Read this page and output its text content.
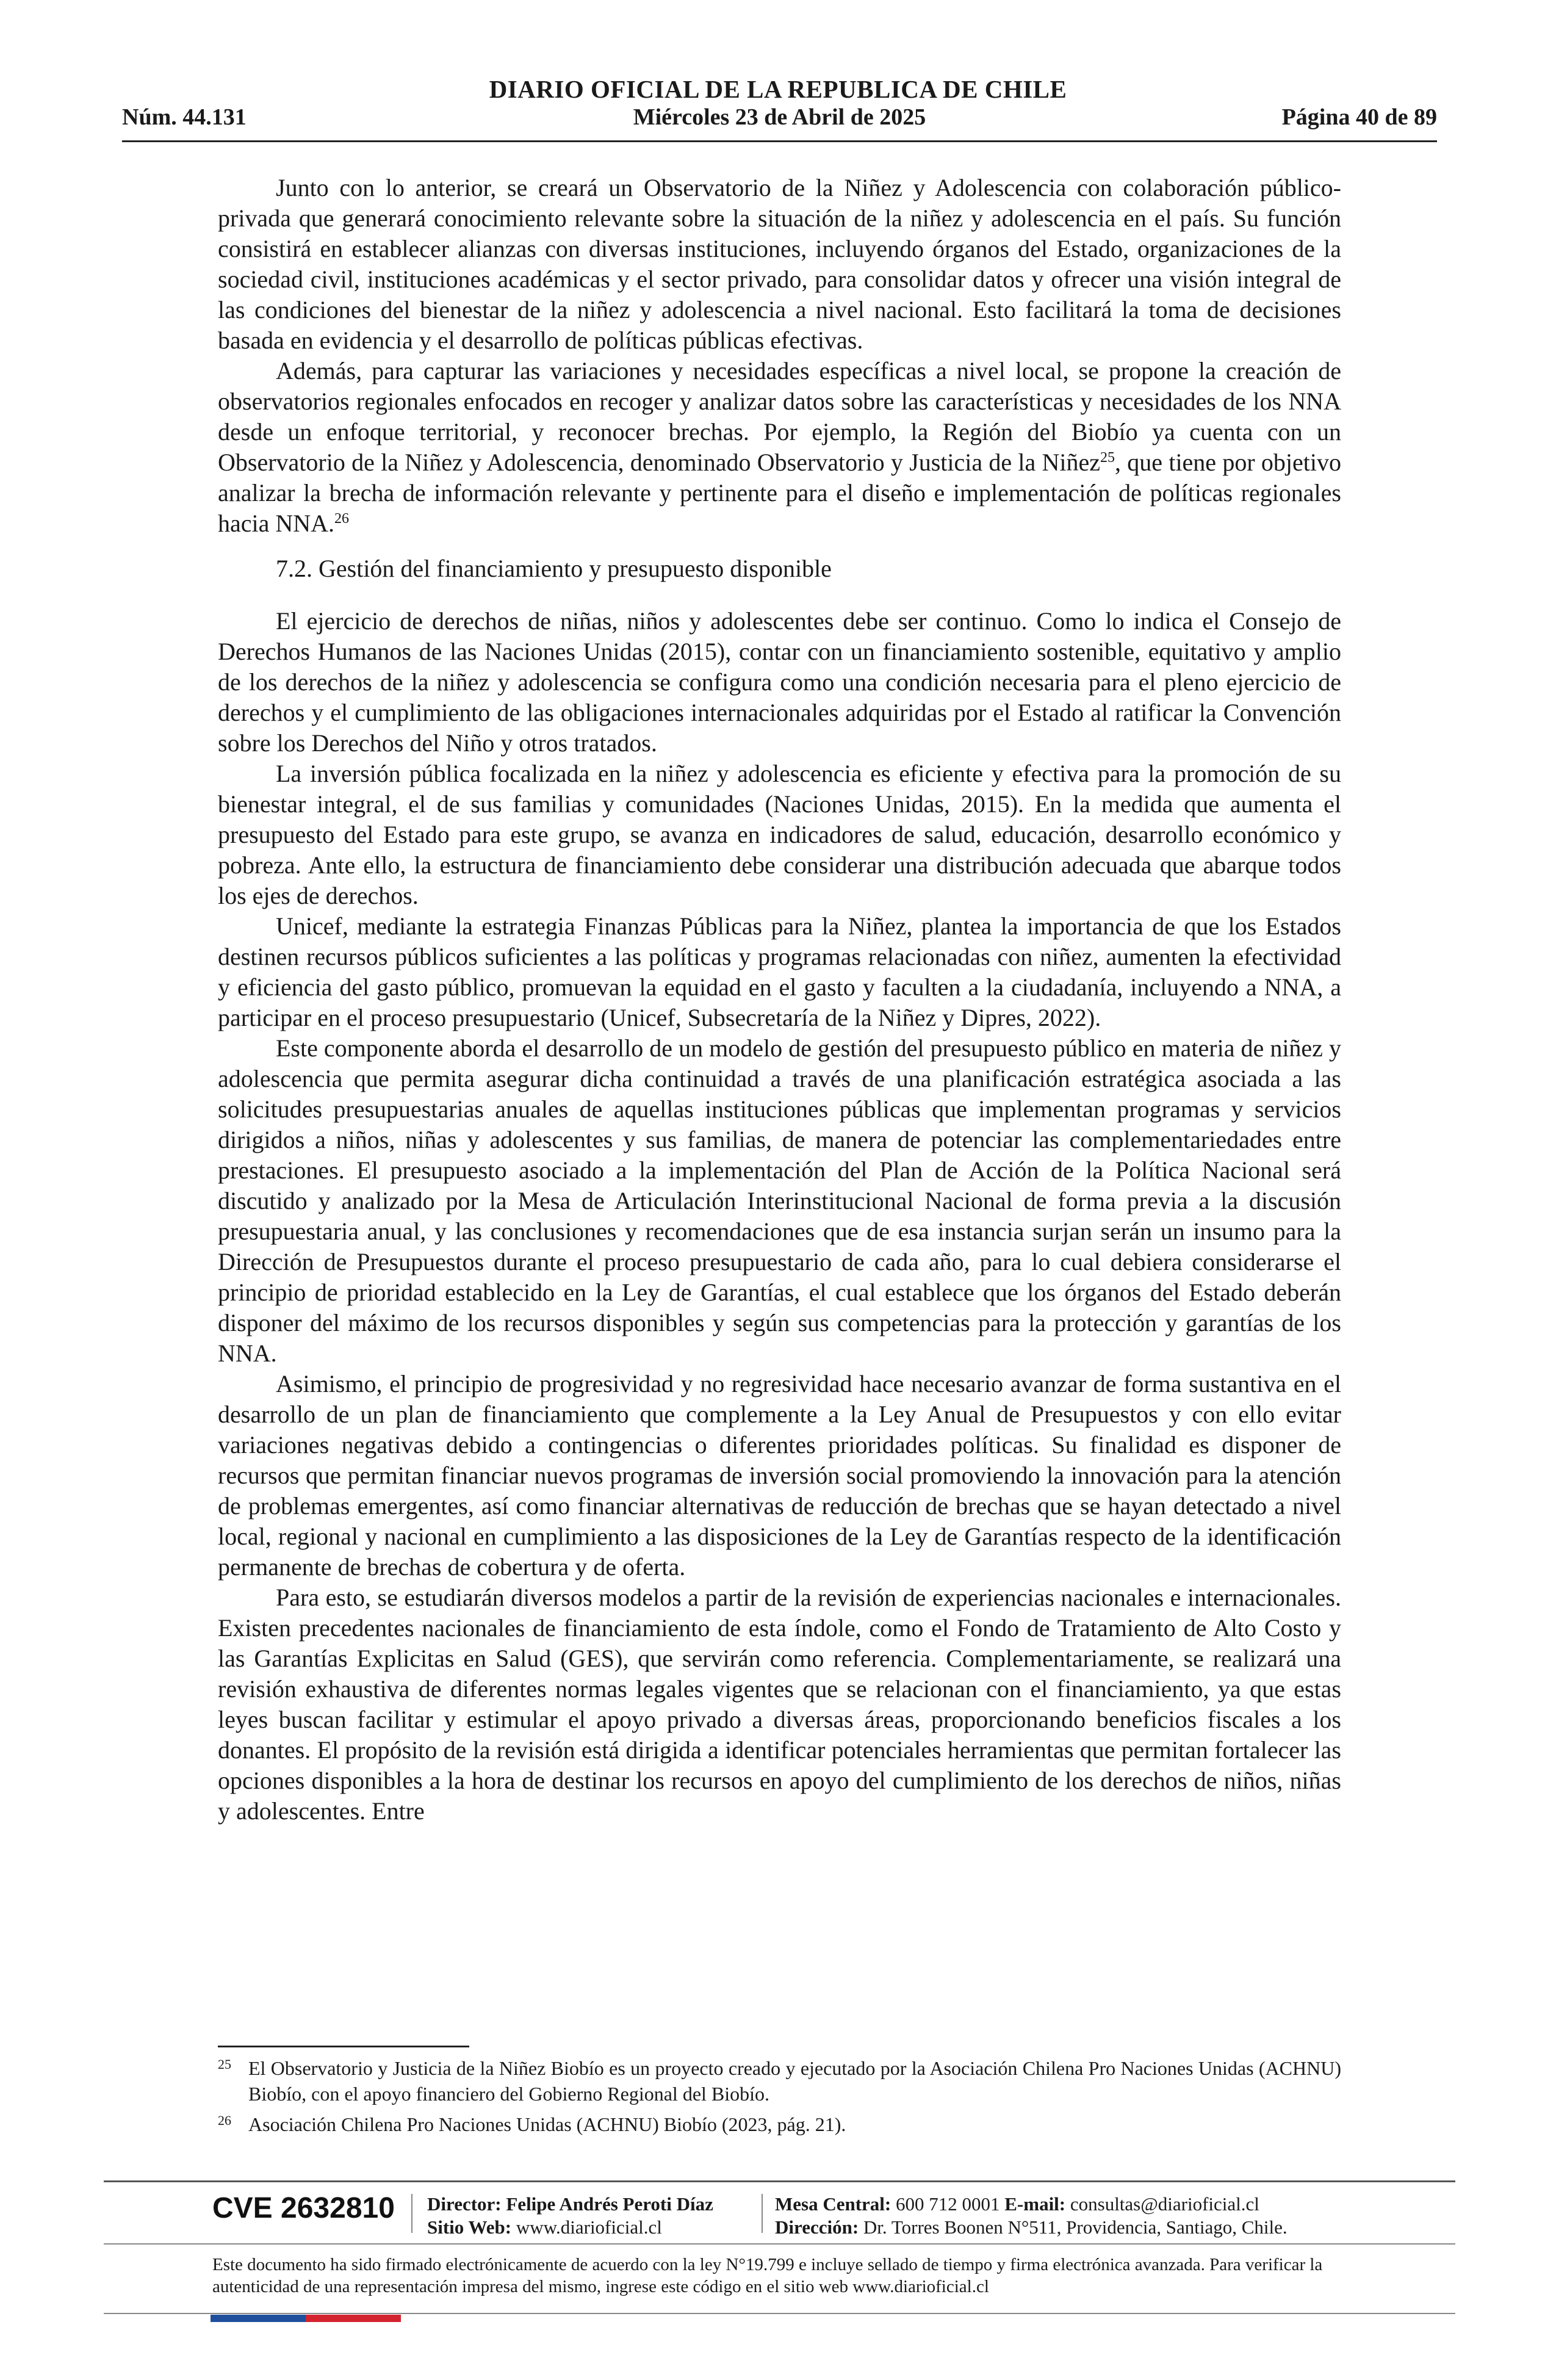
DIARIO OFICIAL DE LA REPUBLICA DE CHILE
Núm. 44.131	Miércoles 23 de Abril de 2025	Página 40 de 89

Junto con lo anterior, se creará un Observatorio de la Niñez y Adolescencia con colaboración público-privada que generará conocimiento relevante sobre la situación de la niñez y adolescencia en el país. Su función consistirá en establecer alianzas con diversas instituciones, incluyendo órganos del Estado, organizaciones de la sociedad civil, instituciones académicas y el sector privado, para consolidar datos y ofrecer una visión integral de las condiciones del bienestar de la niñez y adolescencia a nivel nacional. Esto facilitará la toma de decisiones basada en evidencia y el desarrollo de políticas públicas efectivas.

Además, para capturar las variaciones y necesidades específicas a nivel local, se propone la creación de observatorios regionales enfocados en recoger y analizar datos sobre las características y necesidades de los NNA desde un enfoque territorial, y reconocer brechas. Por ejemplo, la Región del Biobío ya cuenta con un Observatorio de la Niñez y Adolescencia, denominado Observatorio y Justicia de la Niñez$^{25}$, que tiene por objetivo analizar la brecha de información relevante y pertinente para el diseño e implementación de políticas regionales hacia NNA.$^{26}$

7.2. Gestión del financiamiento y presupuesto disponible

El ejercicio de derechos de niñas, niños y adolescentes debe ser continuo. Como lo indica el Consejo de Derechos Humanos de las Naciones Unidas (2015), contar con un financiamiento sostenible, equitativo y amplio de los derechos de la niñez y adolescencia se configura como una condición necesaria para el pleno ejercicio de derechos y el cumplimiento de las obligaciones internacionales adquiridas por el Estado al ratificar la Convención sobre los Derechos del Niño y otros tratados.

La inversión pública focalizada en la niñez y adolescencia es eficiente y efectiva para la promoción de su bienestar integral, el de sus familias y comunidades (Naciones Unidas, 2015). En la medida que aumenta el presupuesto del Estado para este grupo, se avanza en indicadores de salud, educación, desarrollo económico y pobreza. Ante ello, la estructura de financiamiento debe considerar una distribución adecuada que abarque todos los ejes de derechos.

Unicef, mediante la estrategia Finanzas Públicas para la Niñez, plantea la importancia de que los Estados destinen recursos públicos suficientes a las políticas y programas relacionadas con niñez, aumenten la efectividad y eficiencia del gasto público, promuevan la equidad en el gasto y faculten a la ciudadanía, incluyendo a NNA, a participar en el proceso presupuestario (Unicef, Subsecretaría de la Niñez y Dipres, 2022).

Este componente aborda el desarrollo de un modelo de gestión del presupuesto público en materia de niñez y adolescencia que permita asegurar dicha continuidad a través de una planificación estratégica asociada a las solicitudes presupuestarias anuales de aquellas instituciones públicas que implementan programas y servicios dirigidos a niños, niñas y adolescentes y sus familias, de manera de potenciar las complementariedades entre prestaciones. El presupuesto asociado a la implementación del Plan de Acción de la Política Nacional será discutido y analizado por la Mesa de Articulación Interinstitucional Nacional de forma previa a la discusión presupuestaria anual, y las conclusiones y recomendaciones que de esa instancia surjan serán un insumo para la Dirección de Presupuestos durante el proceso presupuestario de cada año, para lo cual debiera considerarse el principio de prioridad establecido en la Ley de Garantías, el cual establece que los órganos del Estado deberán disponer del máximo de los recursos disponibles y según sus competencias para la protección y garantías de los NNA.

Asimismo, el principio de progresividad y no regresividad hace necesario avanzar de forma sustantiva en el desarrollo de un plan de financiamiento que complemente a la Ley Anual de Presupuestos y con ello evitar variaciones negativas debido a contingencias o diferentes prioridades políticas. Su finalidad es disponer de recursos que permitan financiar nuevos programas de inversión social promoviendo la innovación para la atención de problemas emergentes, así como financiar alternativas de reducción de brechas que se hayan detectado a nivel local, regional y nacional en cumplimiento a las disposiciones de la Ley de Garantías respecto de la identificación permanente de brechas de cobertura y de oferta.

Para esto, se estudiarán diversos modelos a partir de la revisión de experiencias nacionales e internacionales. Existen precedentes nacionales de financiamiento de esta índole, como el Fondo de Tratamiento de Alto Costo y las Garantías Explicitas en Salud (GES), que servirán como referencia. Complementariamente, se realizará una revisión exhaustiva de diferentes normas legales vigentes que se relacionan con el financiamiento, ya que estas leyes buscan facilitar y estimular el apoyo privado a diversas áreas, proporcionando beneficios fiscales a los donantes. El propósito de la revisión está dirigida a identificar potenciales herramientas que permitan fortalecer las opciones disponibles a la hora de destinar los recursos en apoyo del cumplimiento de los derechos de niños, niñas y adolescentes. Entre

25 El Observatorio y Justicia de la Niñez Biobío es un proyecto creado y ejecutado por la Asociación Chilena Pro Naciones Unidas (ACHNU) Biobío, con el apoyo financiero del Gobierno Regional del Biobío.
26 Asociación Chilena Pro Naciones Unidas (ACHNU) Biobío (2023, pág. 21).
CVE 2632810 Director: Felipe Andrés Peroti Díaz
Sitio Web: www.diarioficial.cl
Mesa Central: 600 712 0001 E-mail: consultas@diarioficial.cl
Dirección: Dr. Torres Boonen N°511, Providencia, Santiago, Chile.
Este documento ha sido firmado electrónicamente de acuerdo con la ley N°19.799 e incluye sellado de tiempo y firma electrónica avanzada. Para verificar la autenticidad de una representación impresa del mismo, ingrese este código en el sitio web www.diarioficial.cl
